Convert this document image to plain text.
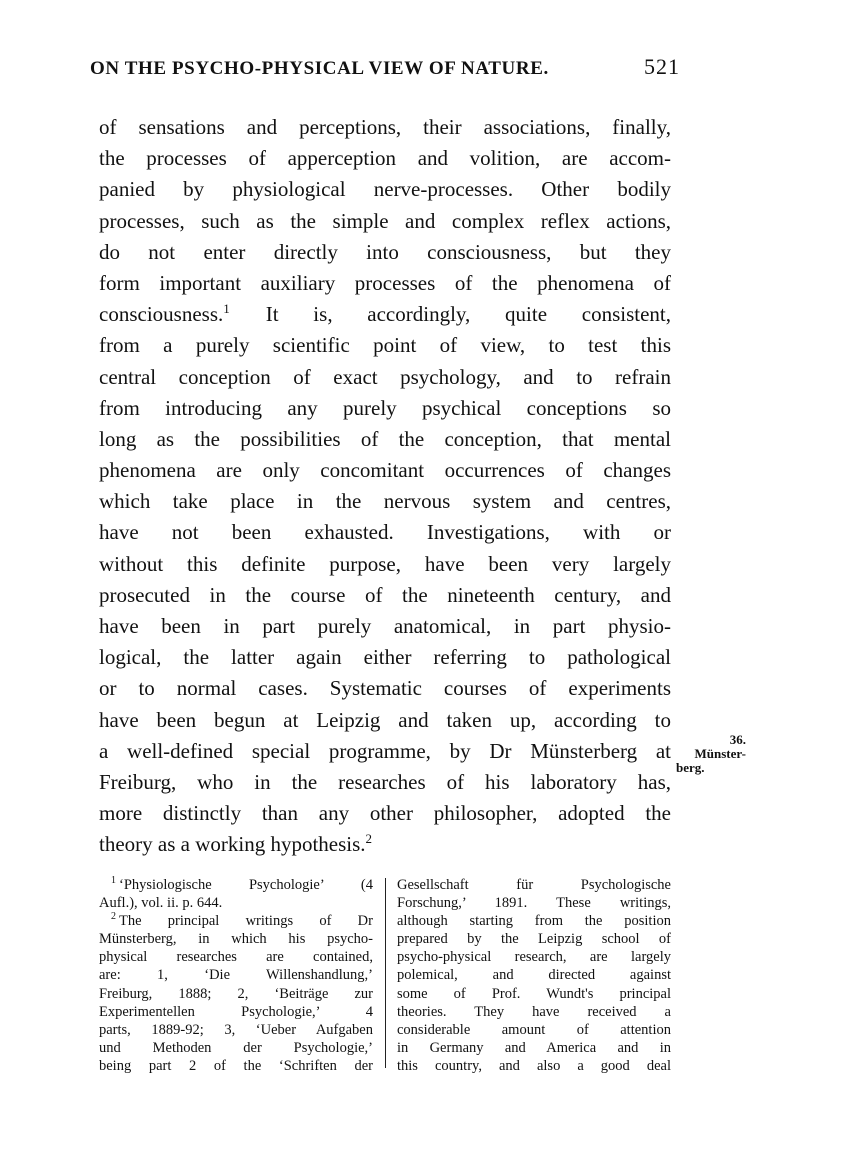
ON THE PSYCHO-PHYSICAL VIEW OF NATURE.	521
of sensations and perceptions, their associations, finally,
the processes of apperception and volition, are accom-
panied by physiological nerve-processes. Other bodily
processes, such as the simple and complex reflex actions,
do not enter directly into consciousness, but they
form important auxiliary processes of the phenomena of
consciousness.$^1$ It is, accordingly, quite consistent,
from a purely scientific point of view, to test this
central conception of exact psychology, and to refrain
from introducing any purely psychical conceptions so
long as the possibilities of the conception, that mental
phenomena are only concomitant occurrences of changes
which take place in the nervous system and centres,
have not been exhausted. Investigations, with or
without this definite purpose, have been very largely
prosecuted in the course of the nineteenth century, and
have been in part purely anatomical, in part physio-
logical, the latter again either referring to pathological
or to normal cases. Systematic courses of experiments
have been begun at Leipzig and taken up, according to
a well-defined special programme, by Dr Münsterberg at
Freiburg, who in the researches of his laboratory has,
more distinctly than any other philosopher, adopted the
theory as a working hypothesis.$^2$
36.
Münster-
berg.
$^1$ ‘Physiologische Psychologie’ (4
Aufl.), vol. ii. p. 644.
$^2$ The principal writings of Dr
Münsterberg, in which his psycho-
physical researches are contained,
are: 1, ‘Die Willenshandlung,’
Freiburg, 1888; 2, ‘Beiträge zur
Experimentellen Psychologie,’ 4
parts, 1889-92; 3, ‘Ueber Aufgaben
und Methoden der Psychologie,’
being part 2 of the ‘Schriften der
Gesellschaft für Psychologische
Forschung,’ 1891. These writings,
although starting from the position
prepared by the Leipzig school of
psycho-physical research, are largely
polemical, and directed against
some of Prof. Wundt's principal
theories. They have received a
considerable amount of attention
in Germany and America and in
this country, and also a good deal
